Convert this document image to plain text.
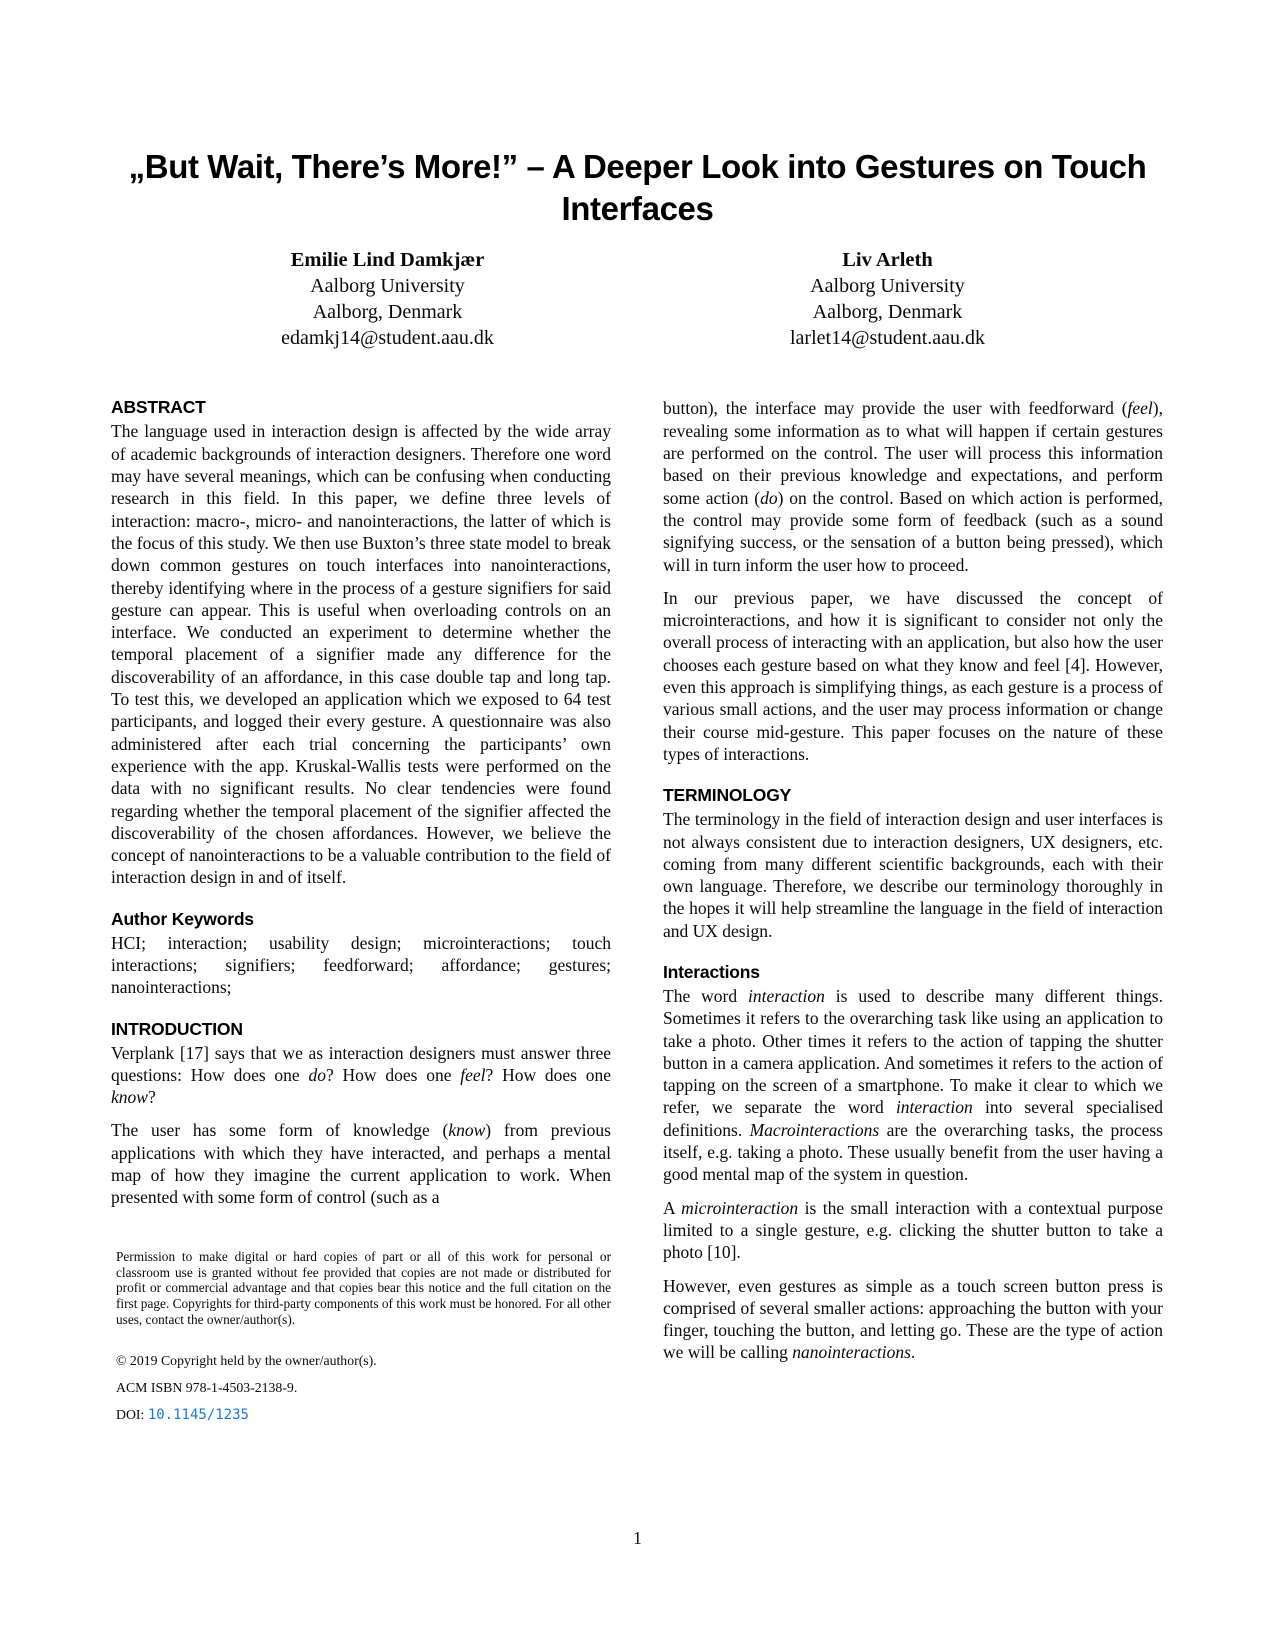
„But Wait, There’s More!” – A Deeper Look into Gestures on Touch Interfaces
Emilie Lind Damkjær
Aalborg University
Aalborg, Denmark
edamkj14@student.aau.dk
Liv Arleth
Aalborg University
Aalborg, Denmark
larlet14@student.aau.dk
ABSTRACT

The language used in interaction design is affected by the wide array of academic backgrounds of interaction designers. Therefore one word may have several meanings, which can be confusing when conducting research in this field. In this paper, we define three levels of interaction: macro-, micro- and nanointeractions, the latter of which is the focus of this study. We then use Buxton’s three state model to break down common gestures on touch interfaces into nanointeractions, thereby identifying where in the process of a gesture signifiers for said gesture can appear. This is useful when overloading controls on an interface. We conducted an experiment to determine whether the temporal placement of a signifier made any difference for the discoverability of an affordance, in this case double tap and long tap. To test this, we developed an application which we exposed to 64 test participants, and logged their every gesture. A questionnaire was also administered after each trial concerning the participants’ own experience with the app. Kruskal-Wallis tests were performed on the data with no significant results. No clear tendencies were found regarding whether the temporal placement of the signifier affected the discoverability of the chosen affordances. However, we believe the concept of nanointeractions to be a valuable contribution to the field of interaction design in and of itself.

Author Keywords

HCI; interaction; usability design; microinteractions; touch interactions; signifiers; feedforward; affordance; gestures; nanointeractions;

INTRODUCTION

Verplank [17] says that we as interaction designers must answer three questions: How does one do? How does one feel? How does one know?

The user has some form of knowledge (know) from previous applications with which they have interacted, and perhaps a mental map of how they imagine the current application to work. When presented with some form of control (such as a

Permission to make digital or hard copies of part or all of this work for personal or classroom use is granted without fee provided that copies are not made or distributed for profit or commercial advantage and that copies bear this notice and the full citation on the first page. Copyrights for third-party components of this work must be honored. For all other uses, contact the owner/author(s).
© 2019 Copyright held by the owner/author(s).
ACM ISBN 978-1-4503-2138-9.
DOI: 10.1145/1235

button), the interface may provide the user with feedforward (feel), revealing some information as to what will happen if certain gestures are performed on the control. The user will process this information based on their previous knowledge and expectations, and perform some action (do) on the control. Based on which action is performed, the control may provide some form of feedback (such as a sound signifying success, or the sensation of a button being pressed), which will in turn inform the user how to proceed.

In our previous paper, we have discussed the concept of microinteractions, and how it is significant to consider not only the overall process of interacting with an application, but also how the user chooses each gesture based on what they know and feel [4]. However, even this approach is simplifying things, as each gesture is a process of various small actions, and the user may process information or change their course mid-gesture. This paper focuses on the nature of these types of interactions.

TERMINOLOGY

The terminology in the field of interaction design and user interfaces is not always consistent due to interaction designers, UX designers, etc. coming from many different scientific backgrounds, each with their own language. Therefore, we describe our terminology thoroughly in the hopes it will help streamline the language in the field of interaction and UX design.

Interactions

The word interaction is used to describe many different things. Sometimes it refers to the overarching task like using an application to take a photo. Other times it refers to the action of tapping the shutter button in a camera application. And sometimes it refers to the action of tapping on the screen of a smartphone. To make it clear to which we refer, we separate the word interaction into several specialised definitions. Macrointeractions are the overarching tasks, the process itself, e.g. taking a photo. These usually benefit from the user having a good mental map of the system in question.

A microinteraction is the small interaction with a contextual purpose limited to a single gesture, e.g. clicking the shutter button to take a photo [10].

However, even gestures as simple as a touch screen button press is comprised of several smaller actions: approaching the button with your finger, touching the button, and letting go. These are the type of action we will be calling nanointeractions.

1
